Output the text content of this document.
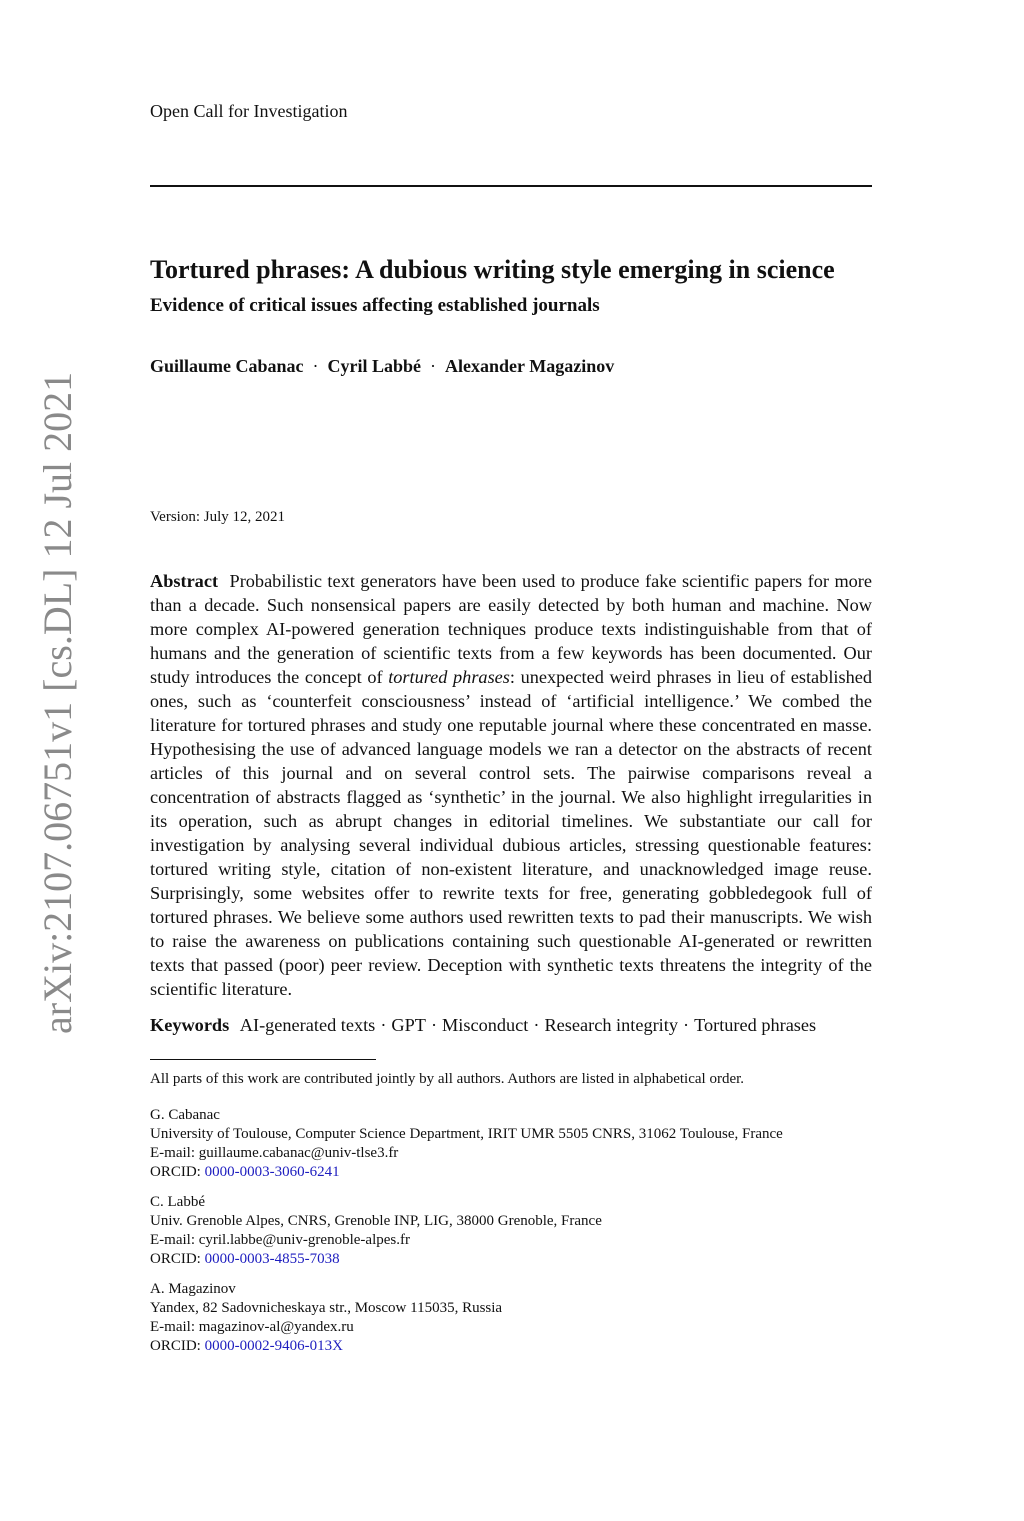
arXiv:2107.06751v1 [cs.DL] 12 Jul 2021
Open Call for Investigation
Tortured phrases: A dubious writing style emerging in science
Evidence of critical issues affecting established journals
Guillaume Cabanac · Cyril Labbé · Alexander Magazinov
Version: July 12, 2021

Abstract Probabilistic text generators have been used to produce fake scientific papers for more than a decade. Such nonsensical papers are easily detected by both human and machine. Now more complex AI-powered generation techniques produce texts indistinguishable from that of humans and the generation of scientific texts from a few keywords has been documented. Our study introduces the concept of tortured phrases: unexpected weird phrases in lieu of established ones, such as ‘counterfeit consciousness’ instead of ‘artificial intelligence.’ We combed the literature for tortured phrases and study one reputable journal where these concentrated en masse. Hypothesising the use of advanced language models we ran a detector on the abstracts of recent articles of this journal and on several control sets. The pairwise comparisons reveal a concentration of abstracts flagged as ‘synthetic’ in the journal. We also highlight irregularities in its operation, such as abrupt changes in editorial timelines. We substantiate our call for investigation by analysing several individual dubious articles, stressing questionable features: tortured writing style, citation of non-existent literature, and unacknowledged image reuse. Surprisingly, some websites offer to rewrite texts for free, generating gobbledegook full of tortured phrases. We believe some authors used rewritten texts to pad their manuscripts. We wish to raise the awareness on publications containing such questionable AI-generated or rewritten texts that passed (poor) peer review. Deception with synthetic texts threatens the integrity of the scientific literature.

Keywords AI-generated texts · GPT · Misconduct · Research integrity · Tortured phrases
All parts of this work are contributed jointly by all authors. Authors are listed in alphabetical order.
G. Cabanac
University of Toulouse, Computer Science Department, IRIT UMR 5505 CNRS, 31062 Toulouse, France
E-mail: guillaume.cabanac@univ-tlse3.fr
ORCID: 0000-0003-3060-6241
C. Labbé
Univ. Grenoble Alpes, CNRS, Grenoble INP, LIG, 38000 Grenoble, France
E-mail: cyril.labbe@univ-grenoble-alpes.fr
ORCID: 0000-0003-4855-7038
A. Magazinov
Yandex, 82 Sadovnicheskaya str., Moscow 115035, Russia
E-mail: magazinov-al@yandex.ru
ORCID: 0000-0002-9406-013X
